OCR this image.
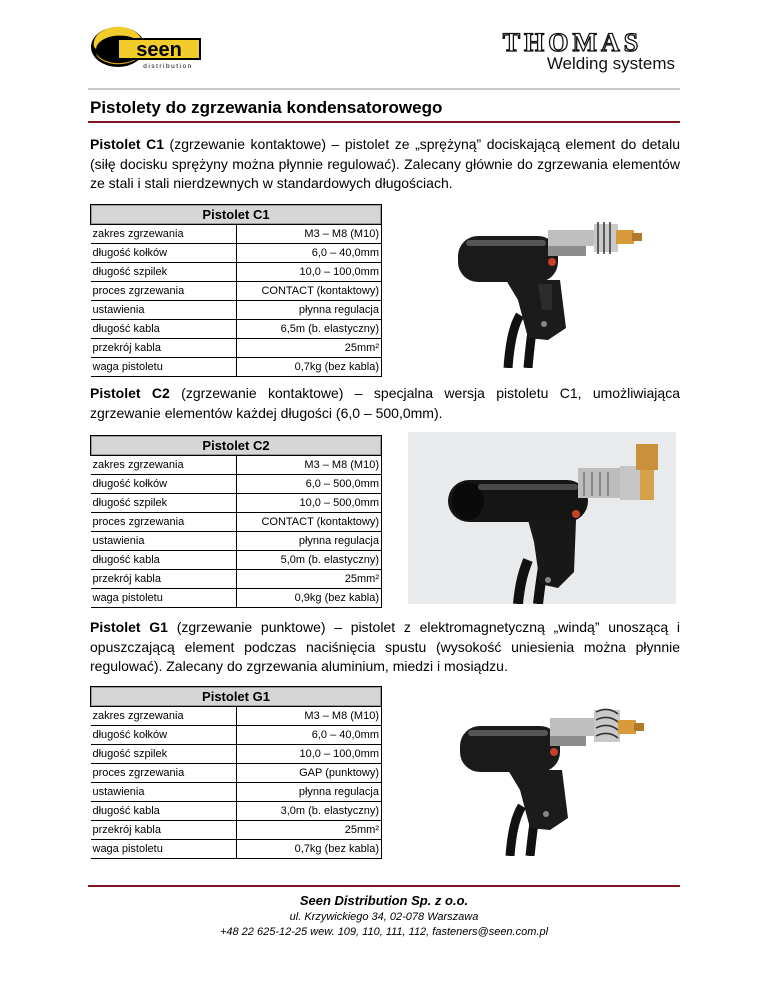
seen
distribution
THOMAS
Welding systems
Pistolety do zgrzewania kondensatorowego

Pistolet C1 (zgrzewanie kontaktowe) – pistolet ze „sprężyną” dociskającą element do detalu (siłę docisku sprężyny można płynnie regulować). Zalecany głównie do zgrzewania elementów ze stali i stali nierdzewnych w standardowych długościach.

Pistolet C1	
zakres zgrzewania	M3 – M8 (M10)
długość kołków	6,0 – 40,0mm
długość szpilek	10,0 – 100,0mm
proces zgrzewania	CONTACT (kontaktowy)
ustawienia	płynna regulacja
długość kabla	6,5m (b. elastyczny)
przekrój kabla	25mm²
waga pistoletu	0,7kg (bez kabla)

Pistolet C2 (zgrzewanie kontaktowe) – specjalna wersja pistoletu C1, umożliwiająca zgrzewanie elementów każdej długości (6,0 – 500,0mm).

Pistolet C2	
zakres zgrzewania	M3 – M8 (M10)
długość kołków	6,0 – 500,0mm
długość szpilek	10,0 – 500,0mm
proces zgrzewania	CONTACT (kontaktowy)
ustawienia	płynna regulacja
długość kabla	5,0m (b. elastyczny)
przekrój kabla	25mm²
waga pistoletu	0,9kg (bez kabla)

Pistolet G1 (zgrzewanie punktowe) – pistolet z elektromagnetyczną „windą” unoszącą i opuszczającą element podczas naciśnięcia spustu (wysokość uniesienia można płynnie regulować). Zalecany do zgrzewania aluminium, miedzi i mosiądzu.

Pistolet G1	
zakres zgrzewania	M3 – M8 (M10)
długość kołków	6,0 – 40,0mm
długość szpilek	10,0 – 100,0mm
proces zgrzewania	GAP (punktowy)
ustawienia	płynna regulacja
długość kabla	3,0m (b. elastyczny)
przekrój kabla	25mm²
waga pistoletu	0,7kg (bez kabla)
Seen Distribution Sp. z o.o.
ul. Krzywickiego 34, 02-078 Warszawa
+48 22 625-12-25 wew. 109, 110, 111, 112, fasteners@seen.com.pl
